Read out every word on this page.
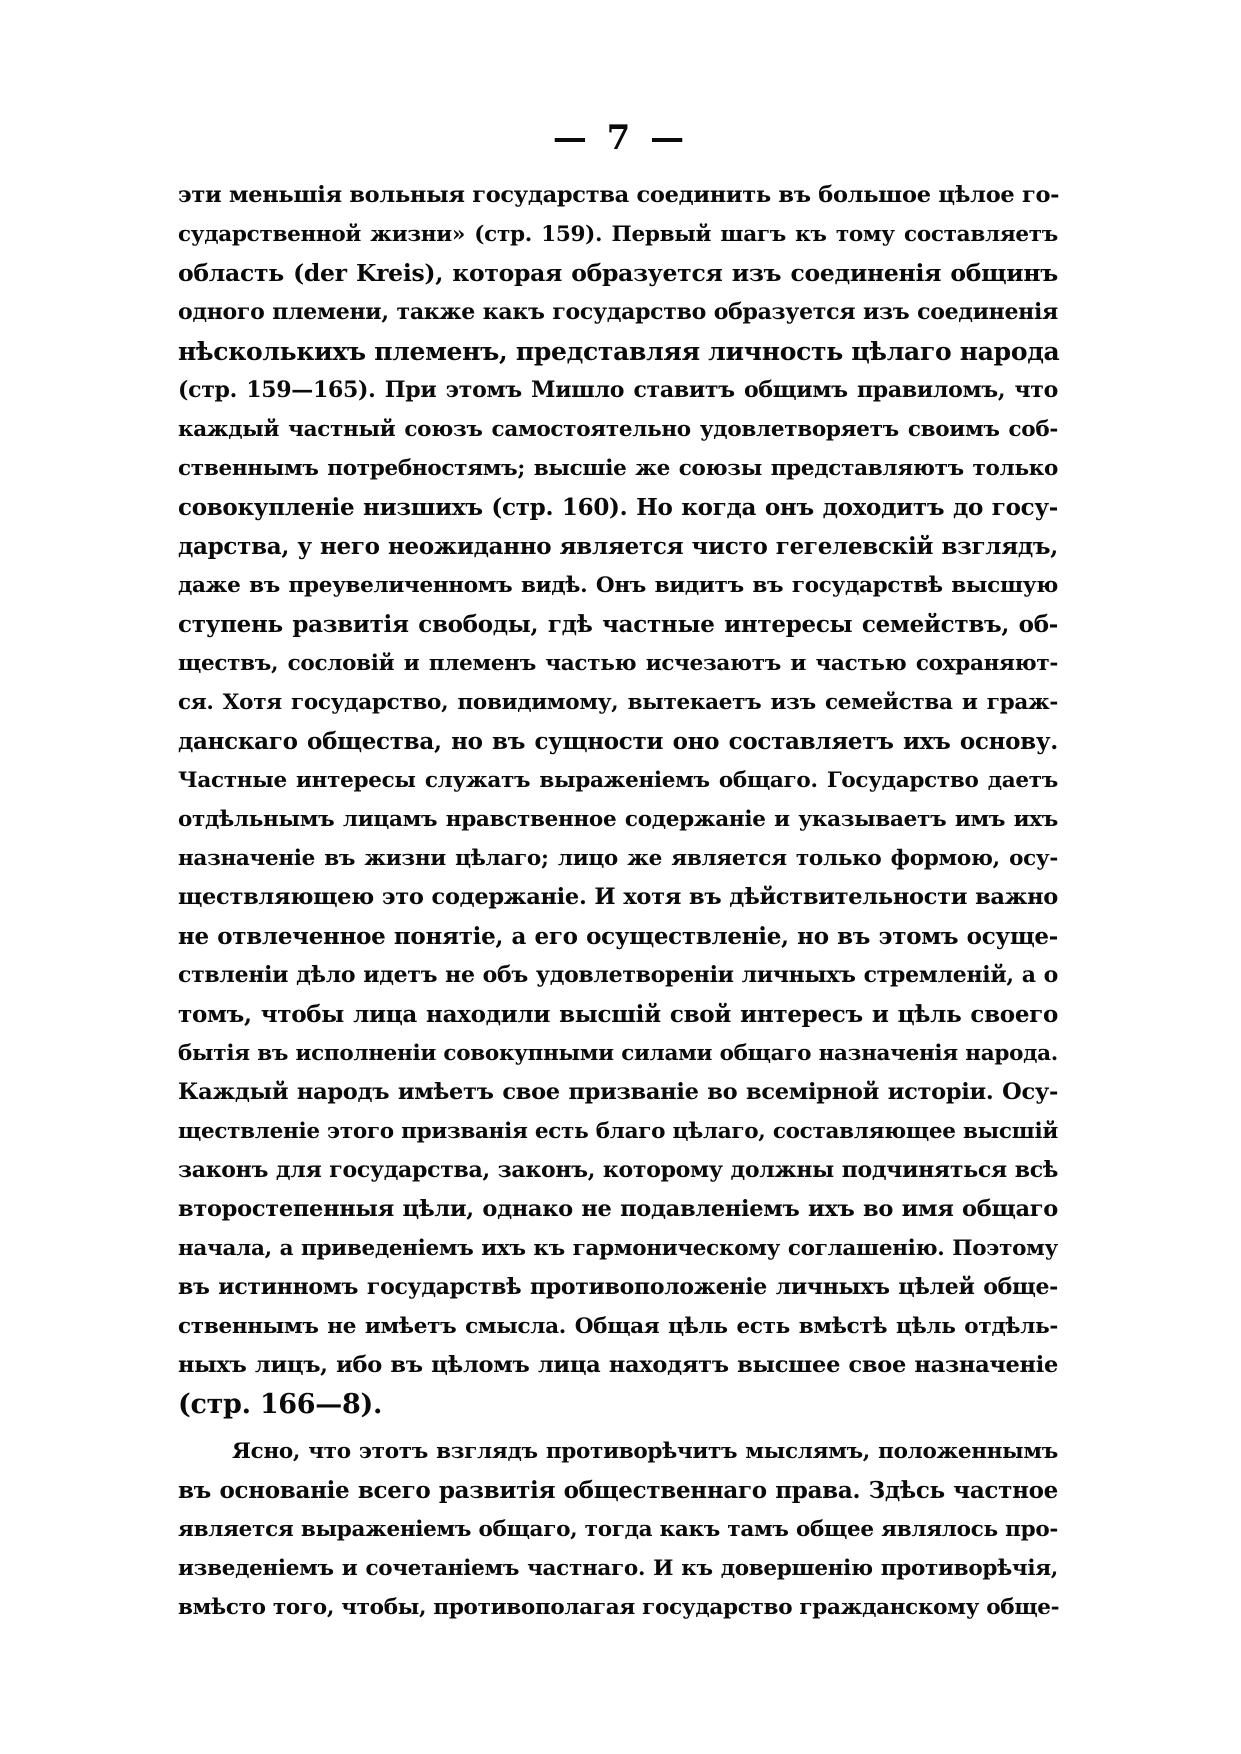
— 7 —
эти меньшія вольныя государства соединить въ большое цѣлое го-
сударственной жизни» (стр. 159). Первый шагъ къ тому составляетъ
область (der Kreis), которая образуется изъ соединенія общинъ
одного племени, также какъ государство образуется изъ соединенія
нѣсколькихъ племенъ, представляя личность цѣлаго народа
(стр. 159—165). При этомъ Мишло ставитъ общимъ правиломъ, что
каждый частный союзъ самостоятельно удовлетворяетъ своимъ соб-
ственнымъ потребностямъ; высшіе же союзы представляютъ только
совокупленіе низшихъ (стр. 160). Но когда онъ доходитъ до госу-
дарства, у него неожиданно является чисто гегелевскій взглядъ,
даже въ преувеличенномъ видѣ. Онъ видитъ въ государствѣ высшую
ступень развитія свободы, гдѣ частные интересы семействъ, об-
ществъ, сословій и племенъ частью исчезаютъ и частью сохраняют-
ся. Хотя государство, повидимому, вытекаетъ изъ семейства и граж-
данскаго общества, но въ сущности оно составляетъ ихъ основу.
Частные интересы служатъ выраженіемъ общаго. Государство даетъ
отдѣльнымъ лицамъ нравственное содержаніе и указываетъ имъ ихъ
назначеніе въ жизни цѣлаго; лицо же является только формою, осу-
ществляющею это содержаніе. И хотя въ дѣйствительности важно
не отвлеченное понятіе, а его осуществленіе, но въ этомъ осуще-
ствленіи дѣло идетъ не объ удовлетвореніи личныхъ стремленій, а о
томъ, чтобы лица находили высшій свой интересъ и цѣль своего
бытія въ исполненіи совокупными силами общаго назначенія народа.
Каждый народъ имѣетъ свое призваніе во всемірной исторіи. Осу-
ществленіе этого призванія есть благо цѣлаго, составляющее высшій
законъ для государства, законъ, которому должны подчиняться всѣ
второстепенныя цѣли, однако не подавленіемъ ихъ во имя общаго
начала, а приведеніемъ ихъ къ гармоническому соглашенію. Поэтому
въ истинномъ государствѣ противоположеніе личныхъ цѣлей обще-
ственнымъ не имѣетъ смысла. Общая цѣль есть вмѣстѣ цѣль отдѣль-
ныхъ лицъ, ибо въ цѣломъ лица находятъ высшее свое назначеніе
(стр. 166—8).
Ясно, что этотъ взглядъ противорѣчитъ мыслямъ, положеннымъ
въ основаніе всего развитія общественнаго права. Здѣсь частное
является выраженіемъ общаго, тогда какъ тамъ общее являлось про-
изведеніемъ и сочетаніемъ частнаго. И къ довершенію противорѣчія,
вмѣсто того, чтобы, противополагая государство гражданскому обще-
